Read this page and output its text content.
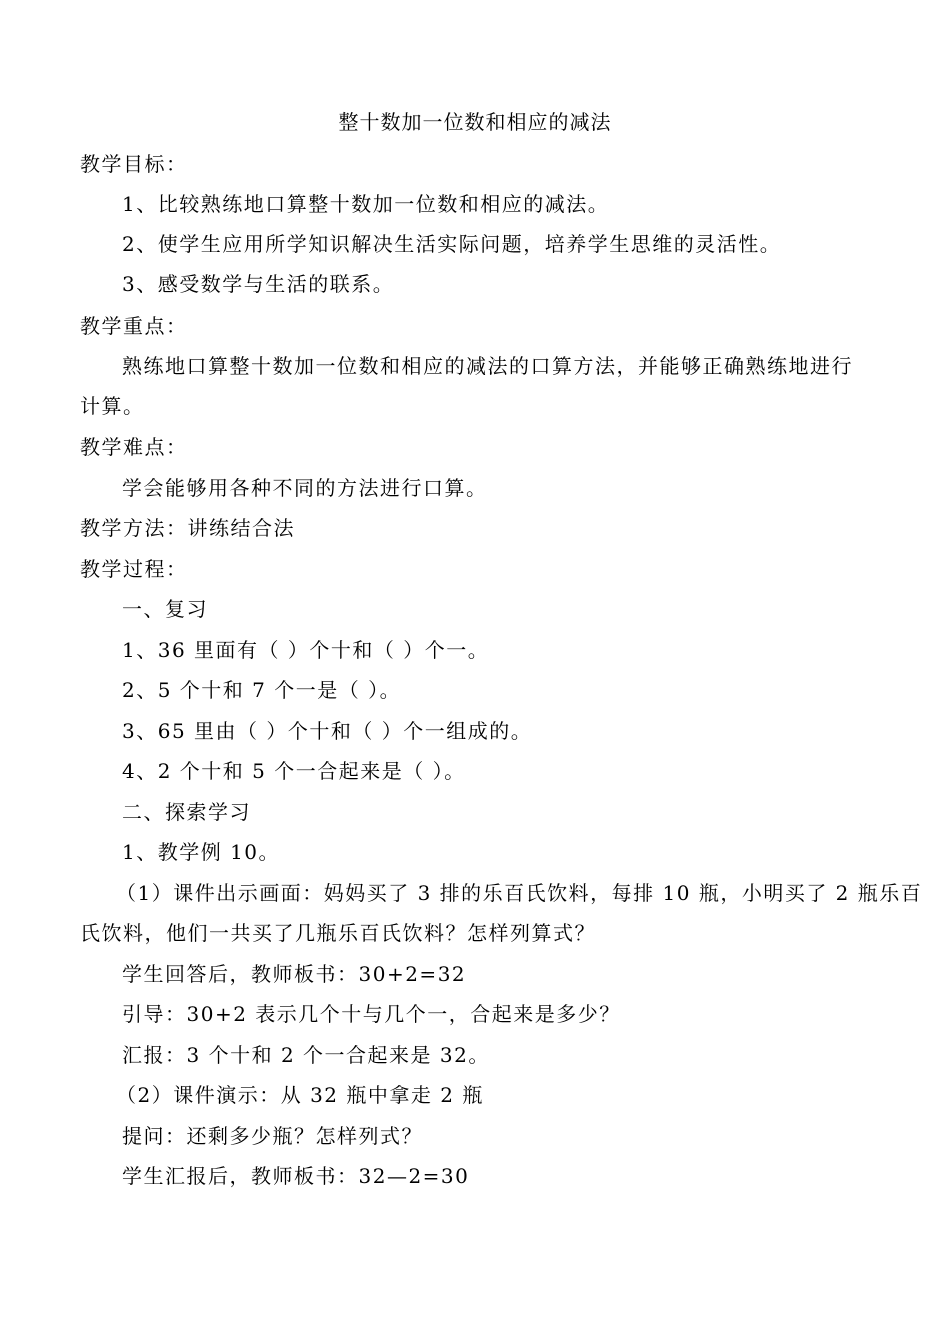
整十数加一位数和相应的减法
教学目标：
1、比较熟练地口算整十数加一位数和相应的减法。
2、使学生应用所学知识解决生活实际问题，培养学生思维的灵活性。
3、感受数学与生活的联系。
教学重点：
熟练地口算整十数加一位数和相应的减法的口算方法，并能够正确熟练地进行
计算。
教学难点：
学会能够用各种不同的方法进行口算。
教学方法：讲练结合法
教学过程：
一、复习
1、36 里面有（ ）个十和（ ）个一。
2、5 个十和 7 个一是（ ）。
3、65 里由（ ）个十和（ ）个一组成的。
4、2 个十和 5 个一合起来是（ ）。
二、探索学习
1、教学例 10。
（1）课件出示画面：妈妈买了 3 排的乐百氏饮料，每排 10 瓶，小明买了 2 瓶乐百
氏饮料，他们一共买了几瓶乐百氏饮料？怎样列算式？
学生回答后，教师板书：30+2=32
引导：30+2 表示几个十与几个一，合起来是多少？
汇报：3 个十和 2 个一合起来是 32。
（2）课件演示：从 32 瓶中拿走 2 瓶
提问：还剩多少瓶？怎样列式？
学生汇报后，教师板书：32—2=30
